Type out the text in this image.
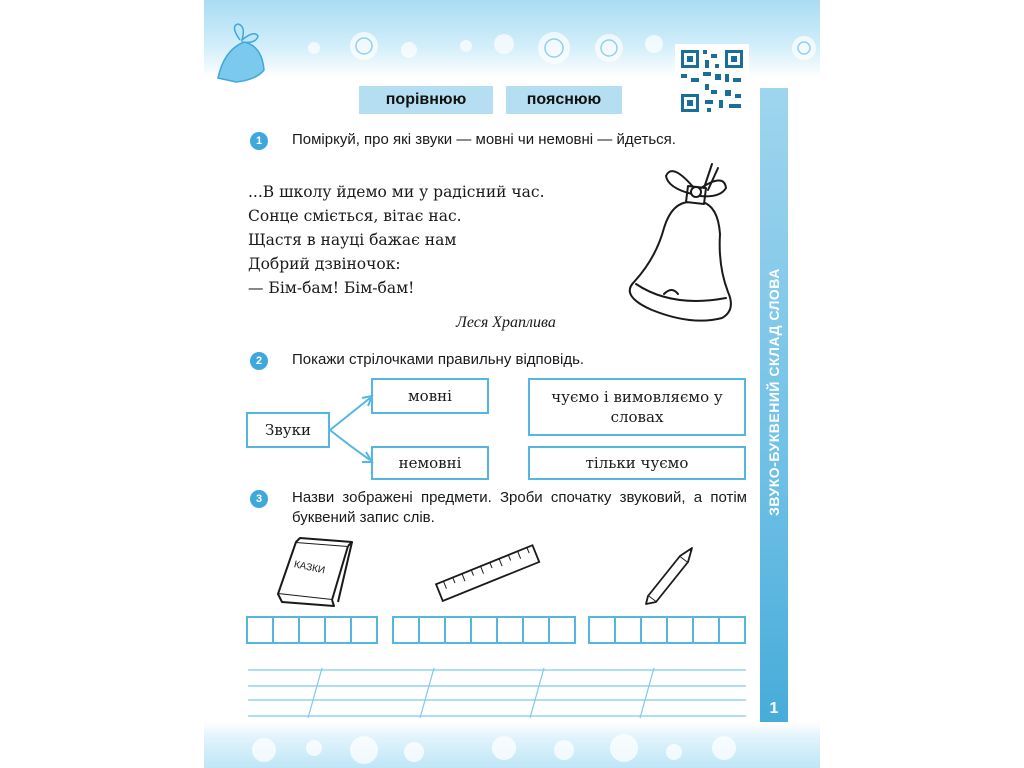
порівнюю	пояснюю
ЗВУКО-БУКВЕНИЙ СКЛАД СЛОВА
1
1	Поміркуй, про які звуки — мовні чи немовні — йдеться.
...В школу йдемо ми у радісний час.
Сонце сміється, вітає нас.
Щастя в науці бажає нам
Добрий дзвіночок:
— Бім-бам! Бім-бам!
Леся Храплива
2	Покажи стрілочками правильну відповідь.
Звуки
мовні
немовні
чуємо і вимовляємо у словах
тільки чуємо
3	Назви зображені предмети. Зроби спочатку звуковий, а потім буквений запис слів.
КАЗКИ
